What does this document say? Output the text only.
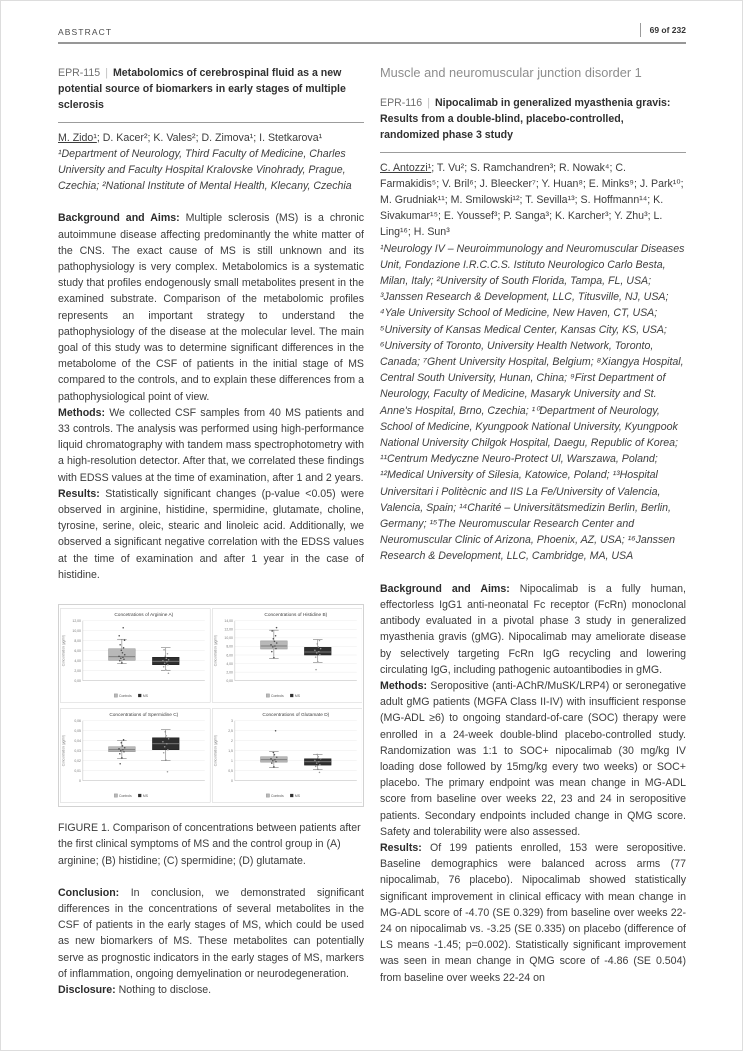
ABSTRACT	69 of 232

EPR-115 | Metabolomics of cerebrospinal fluid as a new potential source of biomarkers in early stages of multiple sclerosis

M. Zido¹; D. Kacer²; K. Vales²; D. Zimova¹; I. Stetkarova¹

¹Department of Neurology, Third Faculty of Medicine, Charles University and Faculty Hospital Kralovske Vinohrady, Prague, Czechia; ²National Institute of Mental Health, Klecany, Czechia

Background and Aims: Multiple sclerosis (MS) is a chronic autoimmune disease affecting predominantly the white matter of the CNS. The exact cause of MS is still unknown and its pathophysiology is very complex. Metabolomics is a systematic study that profiles endogenously small metabolites present in the examined substrate. Comparison of the metabolomic profiles represents an important strategy to understand the pathophysiology of the disease at the molecular level. The main goal of this study was to determine significant differences in the metabolome of the CSF of patients in the initial stage of MS compared to the controls, and to explain these differences from a pathophysiological point of view.

Methods: We collected CSF samples from 40 MS patients and 33 controls. The analysis was performed using high-performance liquid chromatography with tandem mass spectrophotometry with a high-resolution detector. After that, we correlated these findings with EDSS values at the time of examination, after 1 and 2 years.

Results: Statistically significant changes (p-value <0.05) were observed in arginine, histidine, spermidine, glutamate, choline, tyrosine, serine, oleic, stearic and linoleic acid. Additionally, we observed a significant negative correlation with the EDSS values at the time of examination and after 1 year in the case of histidine.

0,00
2,00
4,00
6,00
8,00
10,00
12,00
Concetrations of Arginine A)
Concentration (µg/ml)
Controls	MS
0,00
2,00
4,00
6,00
8,00
10,00
12,00
14,00
Concentrations of Histidine B)
Concentration (µg/ml)
Controls	MS
0
0,01
0,02
0,03
0,04
0,05
0,06
Concentrations of Spermidine C)
Concentration (µg/ml)
Controls	MS
0
0,5
1
1,5
2
2,5
3
Concentrations of Glutamate D)
Concentration (µg/ml)
Controls	MS

FIGURE 1. Comparison of concentrations between patients after the first clinical symptoms of MS and the control group in (A) arginine; (B) histidine; (C) spermidine; (D) glutamate.

Conclusion: In conclusion, we demonstrated significant differences in the concentrations of several metabolites in the CSF of patients in the early stages of MS, which could be used as new biomarkers of MS. These metabolites can potentially serve as prognostic indicators in the early stages of MS, markers of inflammation, ongoing demyelination or neurodegeneration.

Disclosure: Nothing to disclose.

Muscle and neuromuscular junction disorder 1

EPR-116 | Nipocalimab in generalized myasthenia gravis: Results from a double-blind, placebo-controlled, randomized phase 3 study

C. Antozzi¹; T. Vu²; S. Ramchandren³; R. Nowak⁴; C. Farmakidis⁵; V. Bril⁶; J. Bleecker⁷; Y. Huan⁸; E. Minks⁹; J. Park¹⁰; M. Grudniak¹¹; M. Smilowski¹²; T. Sevilla¹³; S. Hoffmann¹⁴; K. Sivakumar¹⁵; E. Youssef³; P. Sanga³; K. Karcher³; Y. Zhu³; L. Ling¹⁶; H. Sun³

¹Neurology IV – Neuroimmunology and Neuromuscular Diseases Unit, Fondazione I.R.C.C.S. Istituto Neurologico Carlo Besta, Milan, Italy; ²University of South Florida, Tampa, FL, USA; ³Janssen Research & Development, LLC, Titusville, NJ, USA; ⁴Yale University School of Medicine, New Haven, CT, USA; ⁵University of Kansas Medical Center, Kansas City, KS, USA; ⁶University of Toronto, University Health Network, Toronto, Canada; ⁷Ghent University Hospital, Belgium; ⁸Xiangya Hospital, Central South University, Hunan, China; ⁹First Department of Neurology, Faculty of Medicine, Masaryk University and St. Anne's Hospital, Brno, Czechia; ¹⁰Department of Neurology, School of Medicine, Kyungpook National University, Kyungpook National University Chilgok Hospital, Daegu, Republic of Korea; ¹¹Centrum Medyczne Neuro-Protect Ul, Warszawa, Poland; ¹²Medical University of Silesia, Katowice, Poland; ¹³Hospital Universitari i Politècnic and IIS La Fe/University of Valencia, Valencia, Spain; ¹⁴Charité – Universitätsmedizin Berlin, Berlin, Germany; ¹⁵The Neuromuscular Research Center and Neuromuscular Clinic of Arizona, Phoenix, AZ, USA; ¹⁶Janssen Research & Development, LLC, Cambridge, MA, USA

Background and Aims: Nipocalimab is a fully human, effectorless IgG1 anti-neonatal Fc receptor (FcRn) monoclonal antibody evaluated in a pivotal phase 3 study in generalized myasthenia gravis (gMG). Nipocalimab may ameliorate disease by selectively targeting FcRn IgG recycling and lowering circulating IgG, including pathogenic autoantibodies in gMG.

Methods: Seropositive (anti-AChR/MuSK/LRP4) or seronegative adult gMG patients (MGFA Class II-IV) with insufficient response (MG-ADL ≥6) to ongoing standard-of-care (SOC) therapy were enrolled in a 24-week double-blind placebo-controlled study. Randomization was 1:1 to SOC+ nipocalimab (30 mg/kg IV loading dose followed by 15mg/kg every two weeks) or SOC+ placebo. The primary endpoint was mean change in MG-ADL score from baseline over weeks 22, 23 and 24 in seropositive patients. Secondary endpoints included change in QMG score. Safety and tolerability were also assessed.

Results: Of 199 patients enrolled, 153 were seropositive. Baseline demographics were balanced across arms (77 nipocalimab, 76 placebo). Nipocalimab showed statistically significant improvement in clinical efficacy with mean change in MG-ADL score of -4.70 (SE 0.329) from baseline over weeks 22-24 on nipocalimab vs. -3.25 (SE 0.335) on placebo (difference of LS means -1.45; p=0.002). Statistically significant improvement was seen in mean change in QMG score of -4.86 (SE 0.504) from baseline over weeks 22-24 on
